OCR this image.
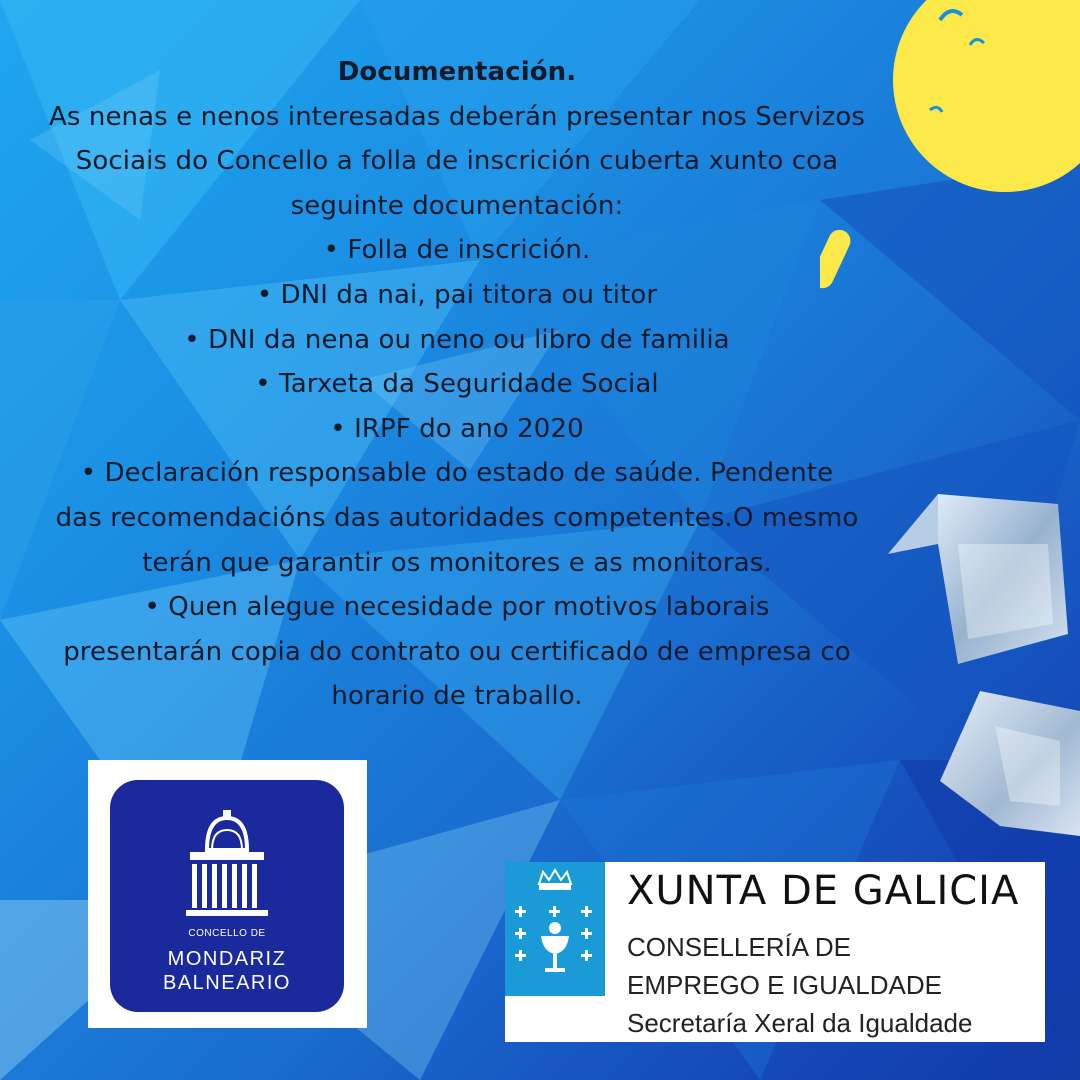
Documentación.
As nenas e nenos interesadas deberán presentar nos Servizos
Sociais do Concello a folla de inscrición cuberta xunto coa
seguinte documentación:
• Folla de inscrición.
• DNI da nai, pai titora ou titor
• DNI da nena ou neno ou libro de familia
• Tarxeta da Seguridade Social
• IRPF do ano 2020
• Declaración responsable do estado de saúde. Pendente
das recomendacións das autoridades competentes.O mesmo
terán que garantir os monitores e as monitoras.
• Quen alegue necesidade por motivos laborais
presentarán copia do contrato ou certificado de empresa co
horario de traballo.
CONCELLO DE
MONDARIZ
BALNEARIO
XUNTA DE GALICIA
CONSELLERÍA DE
EMPREGO E IGUALDADE
Secretaría Xeral da Igualdade
